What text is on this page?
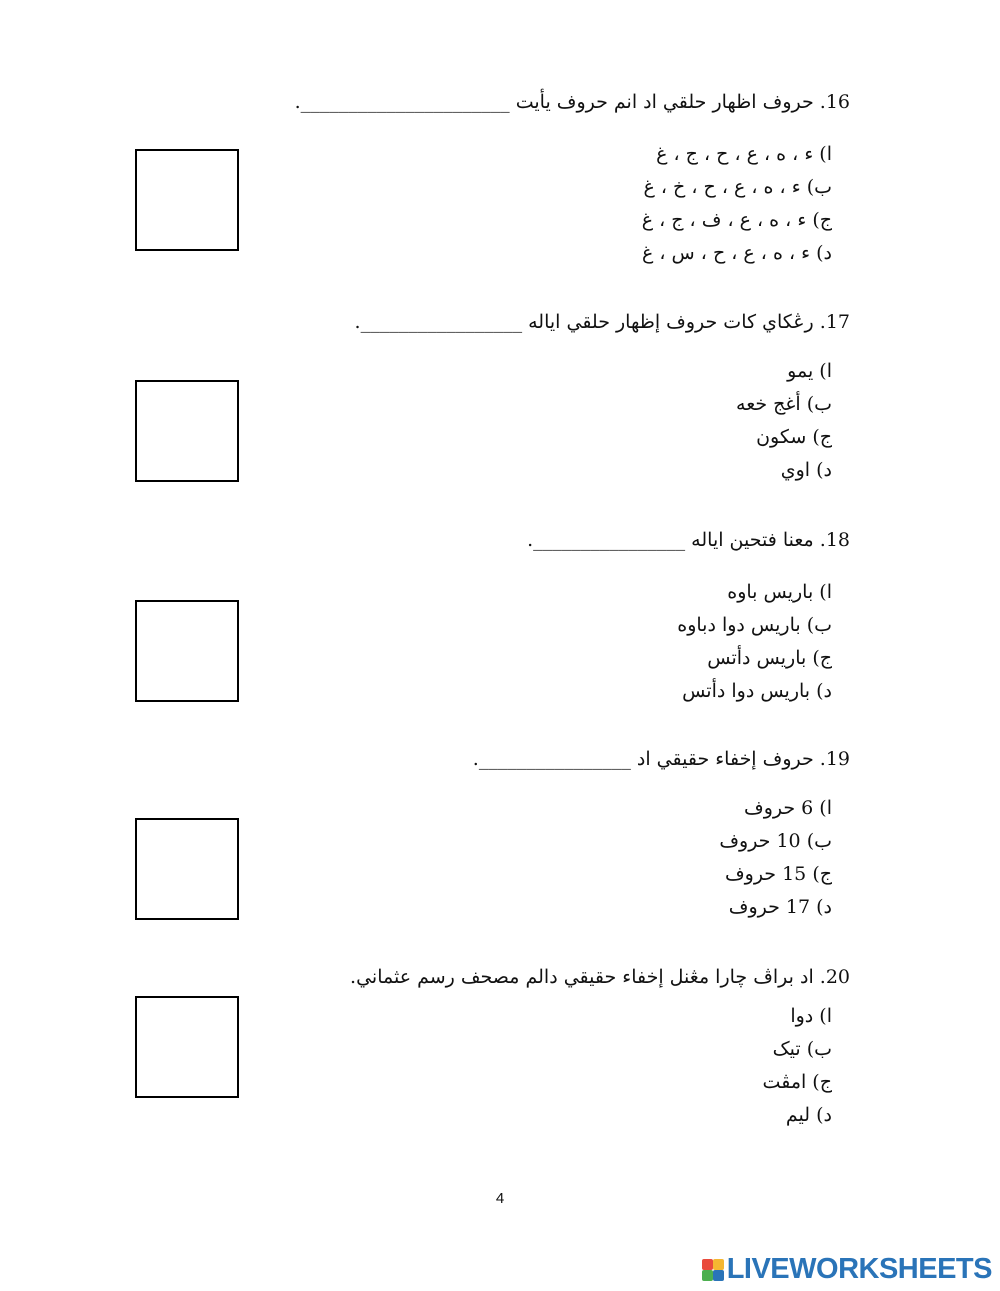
16. حروف اظهار حلقي اد انم حروف يأيت ______________________.
ا) ء ، ه ، ع ، ح ، ج ، غ
ب) ء ، ه ، ع ، ح ، خ ، غ
ج) ء ، ه ، ع ، ف ، ج ، غ
د) ء ، ه ، ع ، ح ، س ، غ
17. رڠكاي كات حروف إظهار حلقي اياله _________________.
ا) يمو
ب) أغج خعه
ج) سكون
د) اوي
18. معنا فتحين اياله ________________.
ا) باريس باوه
ب) باريس دوا دباوه
ج) باريس دأتس
د) باريس دوا دأتس
19. حروف إخفاء حقيقي اد ________________.
ا) 6 حروف
ب) 10 حروف
ج) 15 حروف
د) 17 حروف
20. اد براڤ چارا مڠنل إخفاء حقيقي دالم مصحف رسم عثماني.
ا) دوا
ب) تيک
ج) امڤت
د) ليم
4
LIVEWORKSHEETS
